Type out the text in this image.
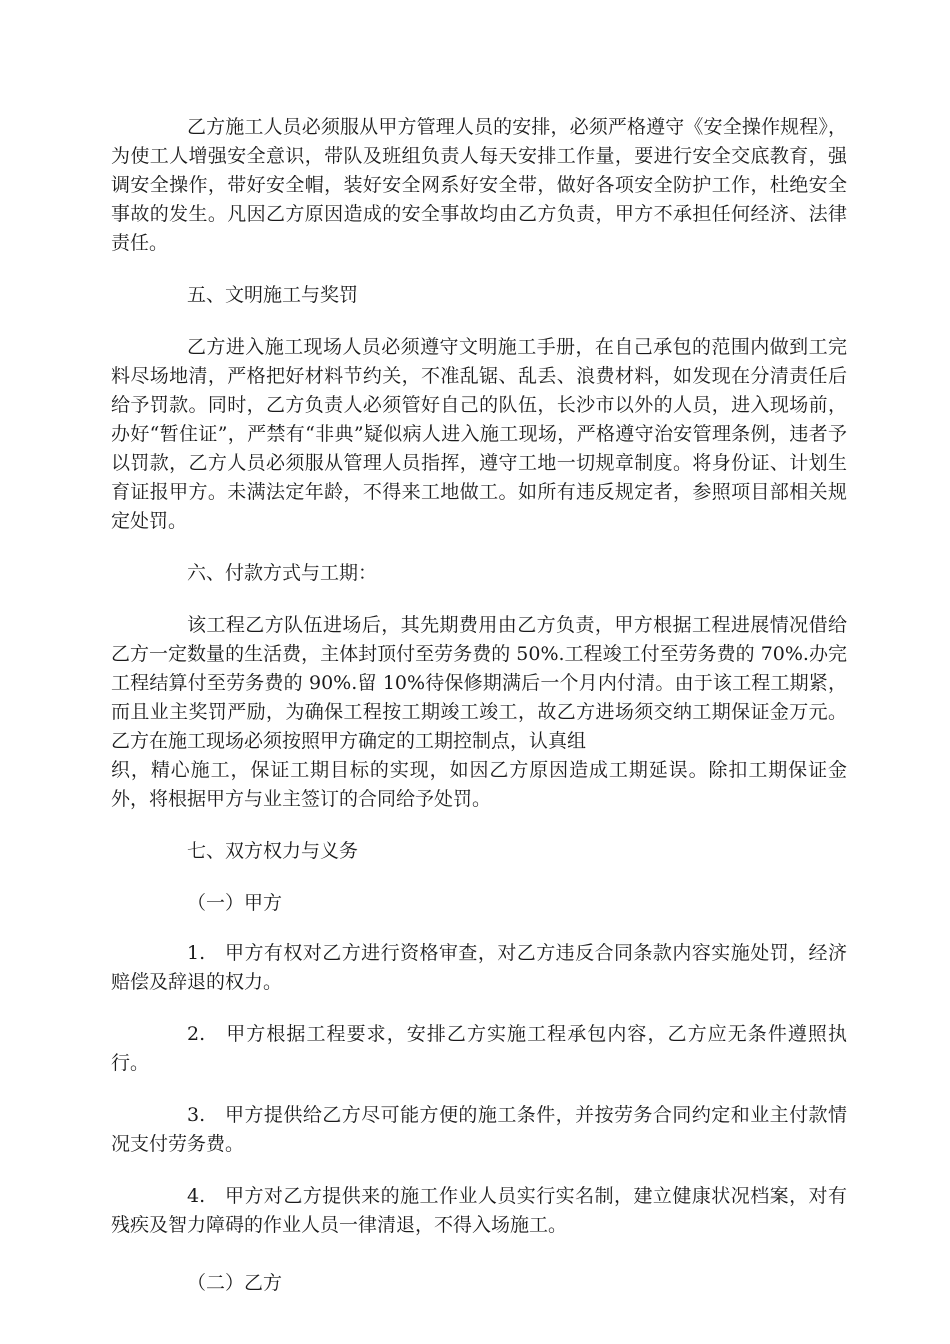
乙方施工人员必须服从甲方管理人员的安排，必须严格遵守《安全操作规程》，为使工人增强安全意识，带队及班组负责人每天安排工作量，要进行安全交底教育，强调安全操作，带好安全帽，装好安全网系好安全带，做好各项安全防护工作，杜绝安全事故的发生。凡因乙方原因造成的安全事故均由乙方负责，甲方不承担任何经济、法律责任。

五、文明施工与奖罚

乙方进入施工现场人员必须遵守文明施工手册，在自己承包的范围内做到工完料尽场地清，严格把好材料节约关，不准乱锯、乱丢、浪费材料，如发现在分清责任后给予罚款。同时，乙方负责人必须管好自己的队伍，长沙市以外的人员，进入现场前，办好“暂住证”，严禁有“非典”疑似病人进入施工现场，严格遵守治安管理条例，违者予以罚款，乙方人员必须服从管理人员指挥，遵守工地一切规章制度。将身份证、计划生育证报甲方。未满法定年龄，不得来工地做工。如所有违反规定者，参照项目部相关规定处罚。

六、付款方式与工期：

该工程乙方队伍进场后，其先期费用由乙方负责，甲方根据工程进展情况借给乙方一定数量的生活费，主体封顶付至劳务费的 50%.工程竣工付至劳务费的 70%.办完工程结算付至劳务费的 90%.留 10%待保修期满后一个月内付清。由于该工程工期紧，而且业主奖罚严励，为确保工程按工期竣工竣工，故乙方进场须交纳工期保证金万元。乙方在施工现场必须按照甲方确定的工期控制点，认真组

织，精心施工，保证工期目标的实现，如因乙方原因造成工期延误。除扣工期保证金外，将根据甲方与业主签订的合同给予处罚。

七、双方权力与义务

（一）甲方

1.　甲方有权对乙方进行资格审查，对乙方违反合同条款内容实施处罚，经济赔偿及辞退的权力。

2.　甲方根据工程要求，安排乙方实施工程承包内容，乙方应无条件遵照执行。

3.　甲方提供给乙方尽可能方便的施工条件，并按劳务合同约定和业主付款情况支付劳务费。

4.　甲方对乙方提供来的施工作业人员实行实名制，建立健康状况档案，对有残疾及智力障碍的作业人员一律清退，不得入场施工。

（二）乙方
